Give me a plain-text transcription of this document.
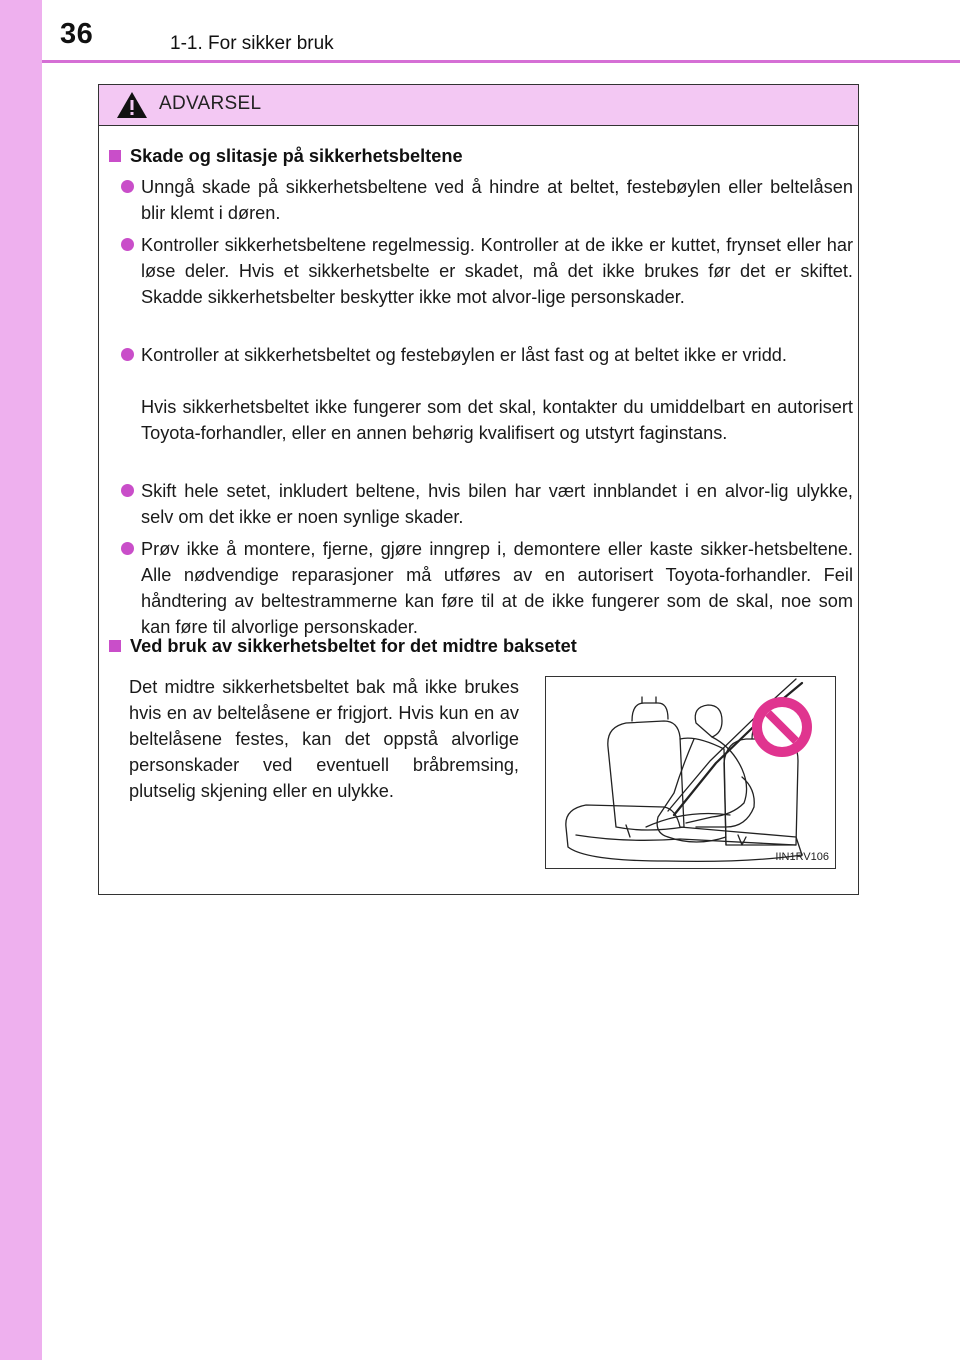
36	1-1. For sikker bruk
ADVARSEL
Skade og slitasje på sikkerhetsbeltene
Unngå skade på sikkerhetsbeltene ved å hindre at beltet, festebøylen eller beltelåsen blir klemt i døren.
Kontroller sikkerhetsbeltene regelmessig. Kontroller at de ikke er kuttet, frynset eller har løse deler. Hvis et sikkerhetsbelte er skadet, må det ikke brukes før det er skiftet. Skadde sikkerhetsbelter beskytter ikke mot alvor-lige personskader.
Kontroller at sikkerhetsbeltet og festebøylen er låst fast og at beltet ikke er vridd.
Hvis sikkerhetsbeltet ikke fungerer som det skal, kontakter du umiddelbart en autorisert Toyota-forhandler, eller en annen behørig kvalifisert og utstyrt faginstans.
Skift hele setet, inkludert beltene, hvis bilen har vært innblandet i en alvor-lig ulykke, selv om det ikke er noen synlige skader.
Prøv ikke å montere, fjerne, gjøre inngrep i, demontere eller kaste sikker-hetsbeltene. Alle nødvendige reparasjoner må utføres av en autorisert Toyota-forhandler. Feil håndtering av beltestrammerne kan føre til at de ikke fungerer som de skal, noe som kan føre til alvorlige personskader.
Ved bruk av sikkerhetsbeltet for det midtre baksetet
Det midtre sikkerhetsbeltet bak må ikke brukes hvis en av beltelåsene er frigjort. Hvis kun en av beltelåsene festes, kan det oppstå alvorlige personskader ved eventuell bråbremsing, plutselig skjening eller en ulykke.
IIN1RV106
